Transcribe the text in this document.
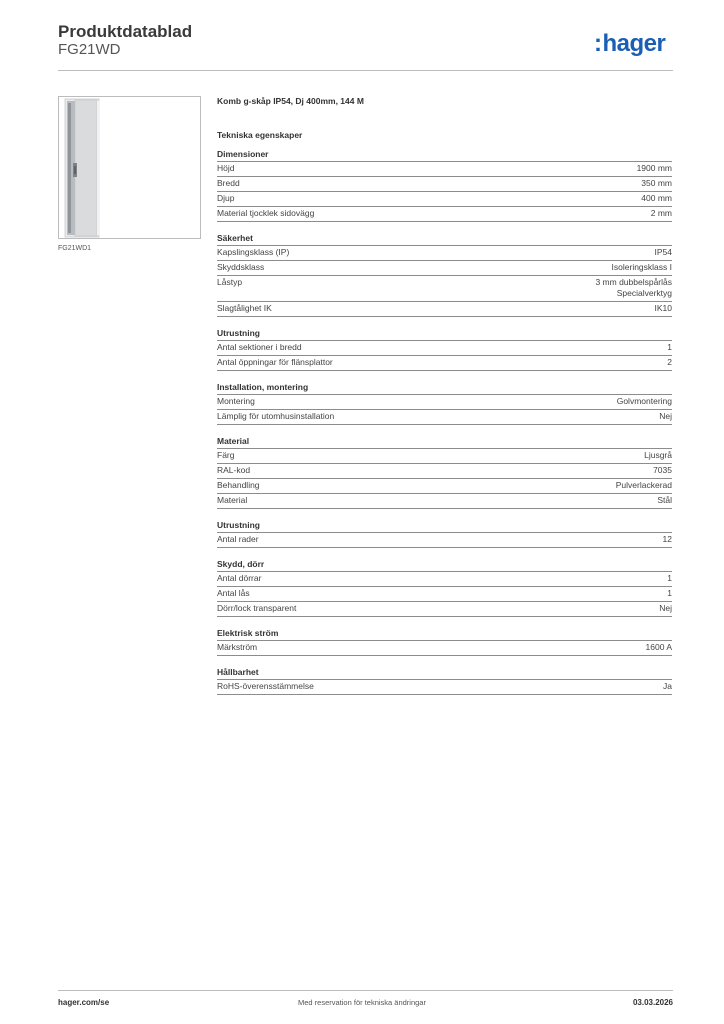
Produktdatablad
FG21WD	:hager
FG21WD1
Komb g-skåp IP54, Dj 400mm, 144 M
Tekniska egenskaper
Dimensioner
Höjd	1900 mm
Bredd	350 mm
Djup	400 mm
Material tjocklek sidovägg	2 mm
Säkerhet
Kapslingsklass (IP)	IP54
Skyddsklass	Isoleringsklass I
Låstyp	3 mm dubbelspårlås
Specialverktyg
Slagtålighet IK	IK10
Utrustning
Antal sektioner i bredd	1
Antal öppningar för flänsplattor	2
Installation, montering
Montering	Golvmontering
Lämplig för utomhusinstallation	Nej
Material
Färg	Ljusgrå
RAL-kod	7035
Behandling	Pulverlackerad
Material	Stål
Utrustning
Antal rader	12
Skydd, dörr
Antal dörrar	1
Antal lås	1
Dörr/lock transparent	Nej
Elektrisk ström
Märkström	1600 A
Hållbarhet
RoHS-överensstämmelse	Ja
hager.com/se	Med reservation för tekniska ändringar	03.03.2026
